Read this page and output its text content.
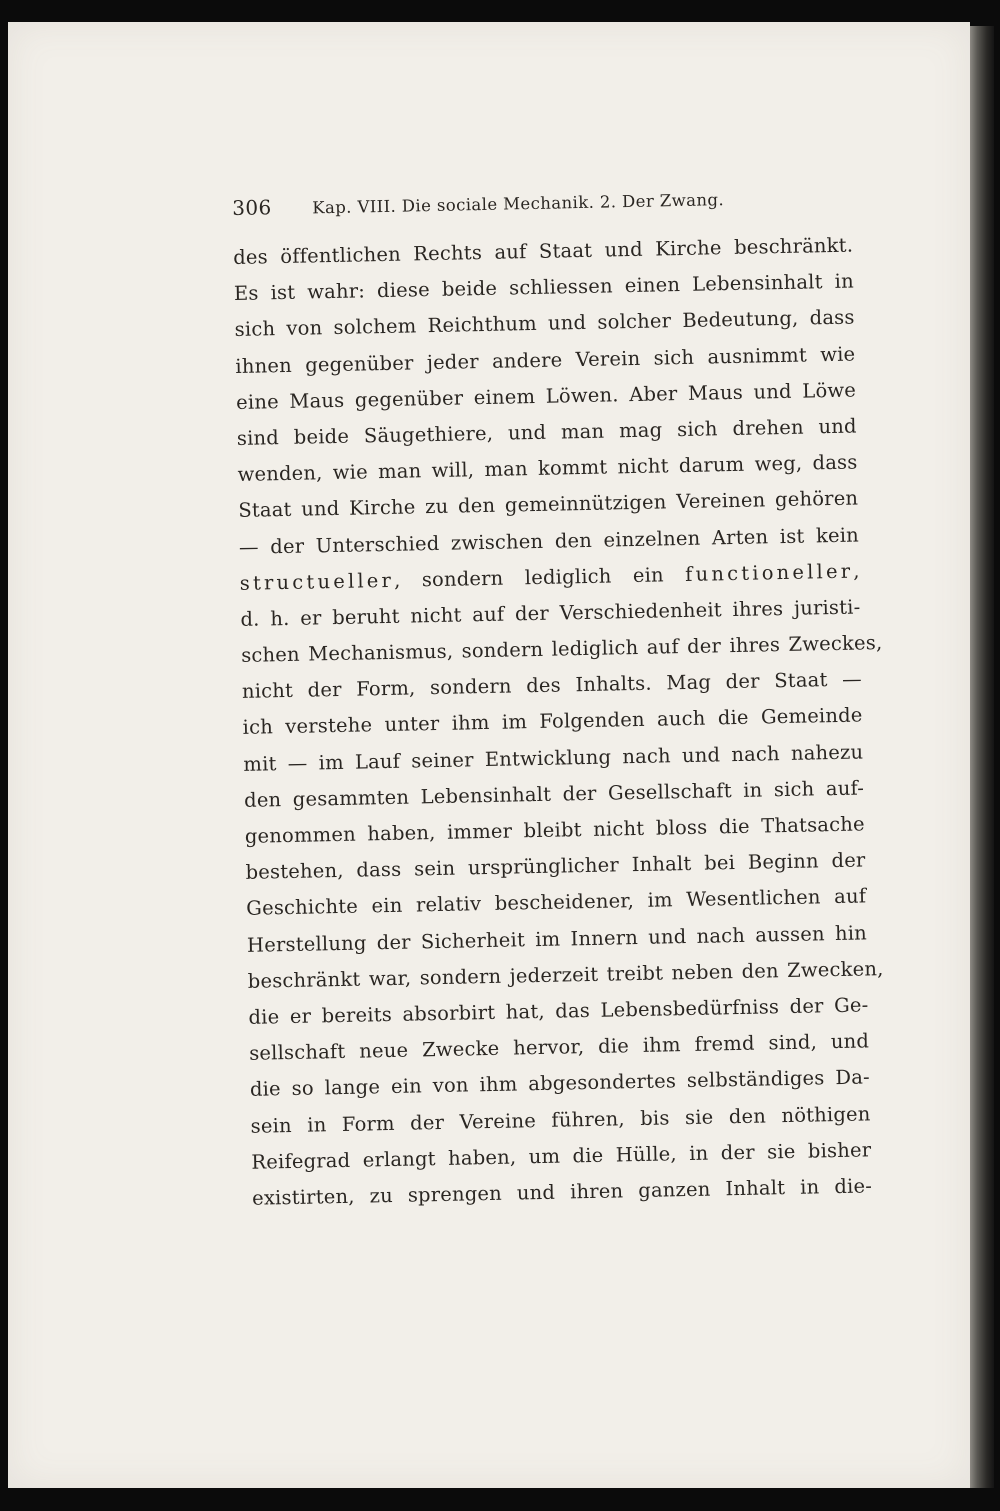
306	Kap. VIII. Die sociale Mechanik. 2. Der Zwang.
des öffentlichen Rechts auf Staat und Kirche beschränkt.
Es ist wahr: diese beide schliessen einen Lebensinhalt in
sich von solchem Reichthum und solcher Bedeutung, dass
ihnen gegenüber jeder andere Verein sich ausnimmt wie
eine Maus gegenüber einem Löwen. Aber Maus und Löwe
sind beide Säugethiere, und man mag sich drehen und
wenden, wie man will, man kommt nicht darum weg, dass
Staat und Kirche zu den gemeinnützigen Vereinen gehören
— der Unterschied zwischen den einzelnen Arten ist kein
structueller, sondern lediglich ein functioneller,
d. h. er beruht nicht auf der Verschiedenheit ihres juristi-
schen Mechanismus, sondern lediglich auf der ihres Zweckes,
nicht der Form, sondern des Inhalts. Mag der Staat —
ich verstehe unter ihm im Folgenden auch die Gemeinde
mit — im Lauf seiner Entwicklung nach und nach nahezu
den gesammten Lebensinhalt der Gesellschaft in sich auf-
genommen haben, immer bleibt nicht bloss die Thatsache
bestehen, dass sein ursprünglicher Inhalt bei Beginn der
Geschichte ein relativ bescheidener, im Wesentlichen auf
Herstellung der Sicherheit im Innern und nach aussen hin
beschränkt war, sondern jederzeit treibt neben den Zwecken,
die er bereits absorbirt hat, das Lebensbedürfniss der Ge-
sellschaft neue Zwecke hervor, die ihm fremd sind, und
die so lange ein von ihm abgesondertes selbständiges Da-
sein in Form der Vereine führen, bis sie den nöthigen
Reifegrad erlangt haben, um die Hülle, in der sie bisher
existirten, zu sprengen und ihren ganzen Inhalt in die-
